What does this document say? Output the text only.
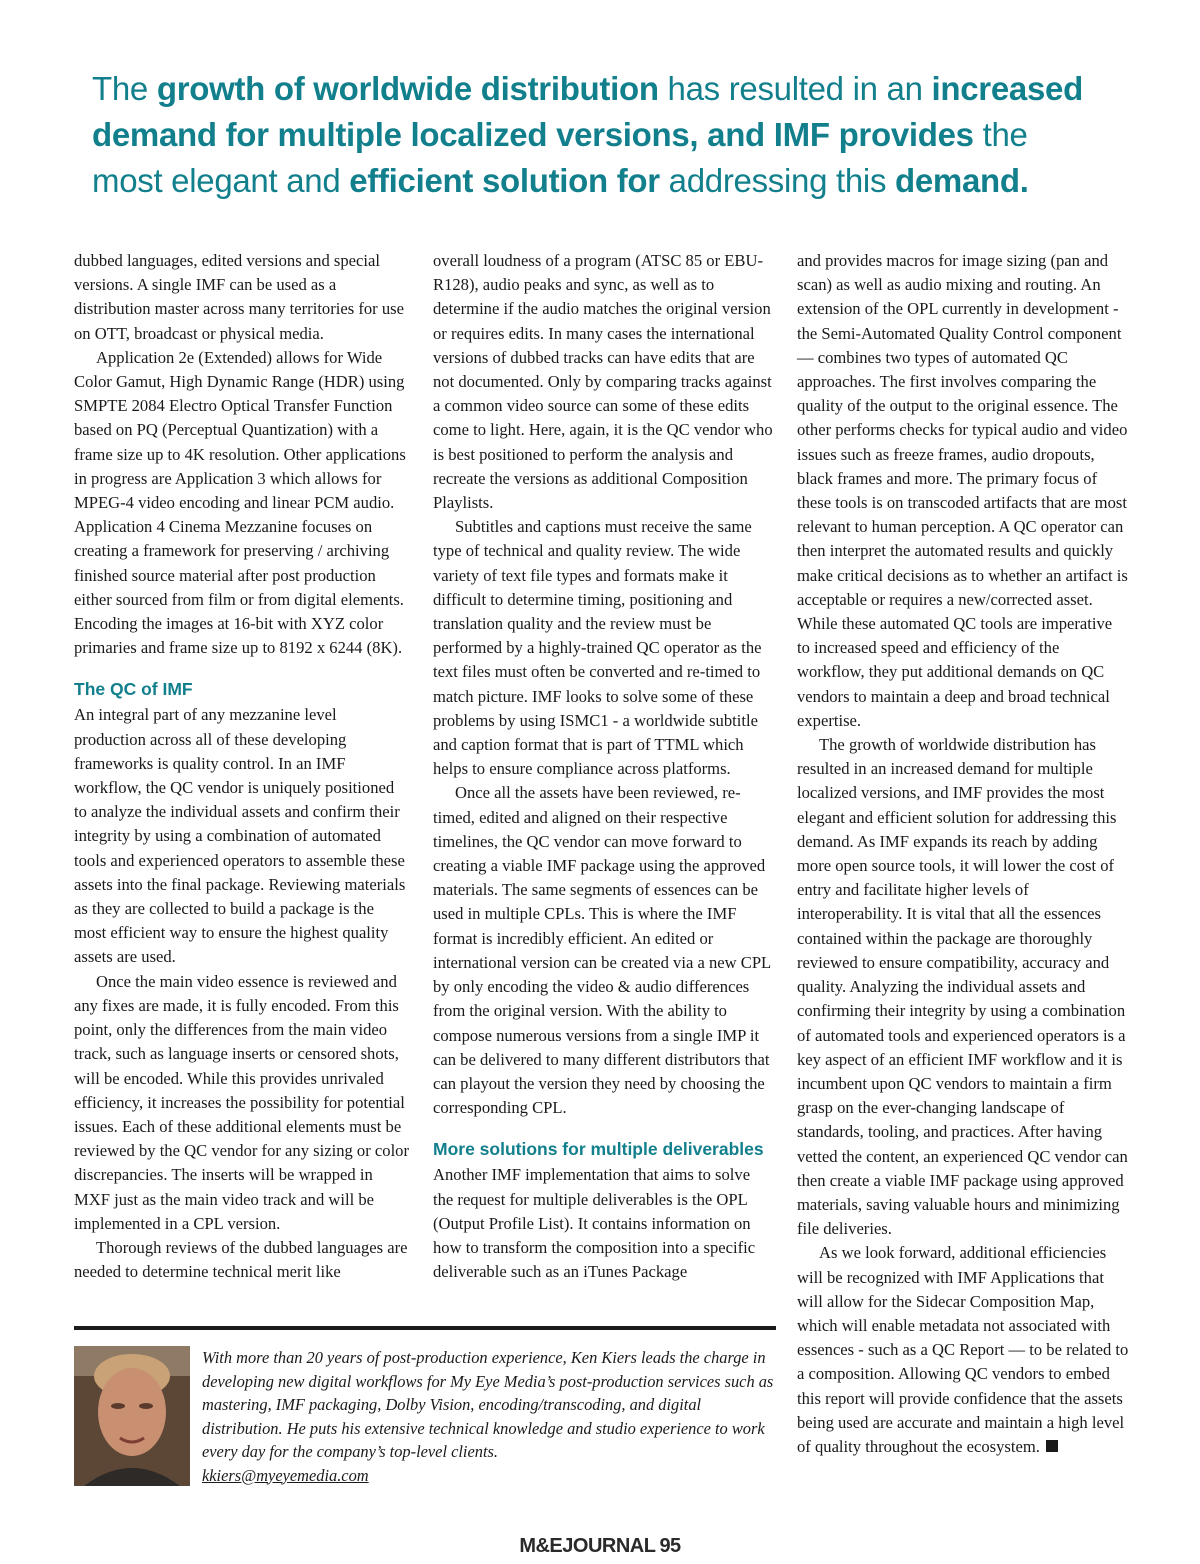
The growth of worldwide distribution has resulted in an increased demand for multiple localized versions, and IMF provides the most elegant and efficient solution for addressing this demand.

dubbed languages, edited versions and special versions. A single IMF can be used as a distribution master across many territories for use on OTT, broadcast or physical media.

Application 2e (Extended) allows for Wide Color Gamut, High Dynamic Range (HDR) using SMPTE 2084 Electro Optical Transfer Function based on PQ (Perceptual Quantization) with a frame size up to 4K resolution. Other applications in progress are Application 3 which allows for MPEG-4 video encoding and linear PCM audio. Application 4 Cinema Mezzanine focuses on creating a framework for preserving / archiving finished source material after post production either sourced from film or from digital elements. Encoding the images at 16-bit with XYZ color primaries and frame size up to 8192 x 6244 (8K).

The QC of IMF

An integral part of any mezzanine level production across all of these developing frameworks is quality control. In an IMF workflow, the QC vendor is uniquely positioned to analyze the individual assets and confirm their integrity by using a combination of automated tools and experienced operators to assemble these assets into the final package. Reviewing materials as they are collected to build a package is the most efficient way to ensure the highest quality assets are used.

Once the main video essence is reviewed and any fixes are made, it is fully encoded. From this point, only the differences from the main video track, such as language inserts or censored shots, will be encoded. While this provides unrivaled efficiency, it increases the possibility for potential issues. Each of these additional elements must be reviewed by the QC vendor for any sizing or color discrepancies. The inserts will be wrapped in MXF just as the main video track and will be implemented in a CPL version.

Thorough reviews of the dubbed languages are needed to determine technical merit like

overall loudness of a program (ATSC 85 or EBU-R128), audio peaks and sync, as well as to determine if the audio matches the original version or requires edits. In many cases the international versions of dubbed tracks can have edits that are not documented. Only by comparing tracks against a common video source can some of these edits come to light. Here, again, it is the QC vendor who is best positioned to perform the analysis and recreate the versions as additional Composition Playlists.

Subtitles and captions must receive the same type of technical and quality review. The wide variety of text file types and formats make it difficult to determine timing, positioning and translation quality and the review must be performed by a highly-trained QC operator as the text files must often be converted and re-timed to match picture. IMF looks to solve some of these problems by using ISMC1 - a worldwide subtitle and caption format that is part of TTML which helps to ensure compliance across platforms.

Once all the assets have been reviewed, re-timed, edited and aligned on their respective timelines, the QC vendor can move forward to creating a viable IMF package using the approved materials. The same segments of essences can be used in multiple CPLs. This is where the IMF format is incredibly efficient. An edited or international version can be created via a new CPL by only encoding the video & audio differences from the original version. With the ability to compose numerous versions from a single IMP it can be delivered to many different distributors that can playout the version they need by choosing the corresponding CPL.

More solutions for multiple deliverables

Another IMF implementation that aims to solve the request for multiple deliverables is the OPL (Output Profile List). It contains information on how to transform the composition into a specific deliverable such as an iTunes Package

and provides macros for image sizing (pan and scan) as well as audio mixing and routing. An extension of the OPL currently in development - the Semi-Automated Quality Control component — combines two types of automated QC approaches. The first involves comparing the quality of the output to the original essence. The other performs checks for typical audio and video issues such as freeze frames, audio dropouts, black frames and more. The primary focus of these tools is on transcoded artifacts that are most relevant to human perception. A QC operator can then interpret the automated results and quickly make critical decisions as to whether an artifact is acceptable or requires a new/corrected asset. While these automated QC tools are imperative to increased speed and efficiency of the workflow, they put additional demands on QC vendors to maintain a deep and broad technical expertise.

The growth of worldwide distribution has resulted in an increased demand for multiple localized versions, and IMF provides the most elegant and efficient solution for addressing this demand. As IMF expands its reach by adding more open source tools, it will lower the cost of entry and facilitate higher levels of interoperability. It is vital that all the essences contained within the package are thoroughly reviewed to ensure compatibility, accuracy and quality. Analyzing the individual assets and confirming their integrity by using a combination of automated tools and experienced operators is a key aspect of an efficient IMF workflow and it is incumbent upon QC vendors to maintain a firm grasp on the ever-changing landscape of standards, tooling, and practices. After having vetted the content, an experienced QC vendor can then create a viable IMF package using approved materials, saving valuable hours and minimizing file deliveries.

As we look forward, additional efficiencies will be recognized with IMF Applications that will allow for the Sidecar Composition Map, which will enable metadata not associated with essences - such as a QC Report — to be related to a composition. Allowing QC vendors to embed this report will provide confidence that the assets being used are accurate and maintain a high level of quality throughout the ecosystem.

With more than 20 years of post-production experience, Ken Kiers leads the charge in developing new digital workflows for My Eye Media’s post-production services such as mastering, IMF packaging, Dolby Vision, encoding/transcoding, and digital distribution. He puts his extensive technical knowledge and studio experience to work every day for the company’s top-level clients.
kkiers@myeyemedia.com
M&EJOURNAL 95
